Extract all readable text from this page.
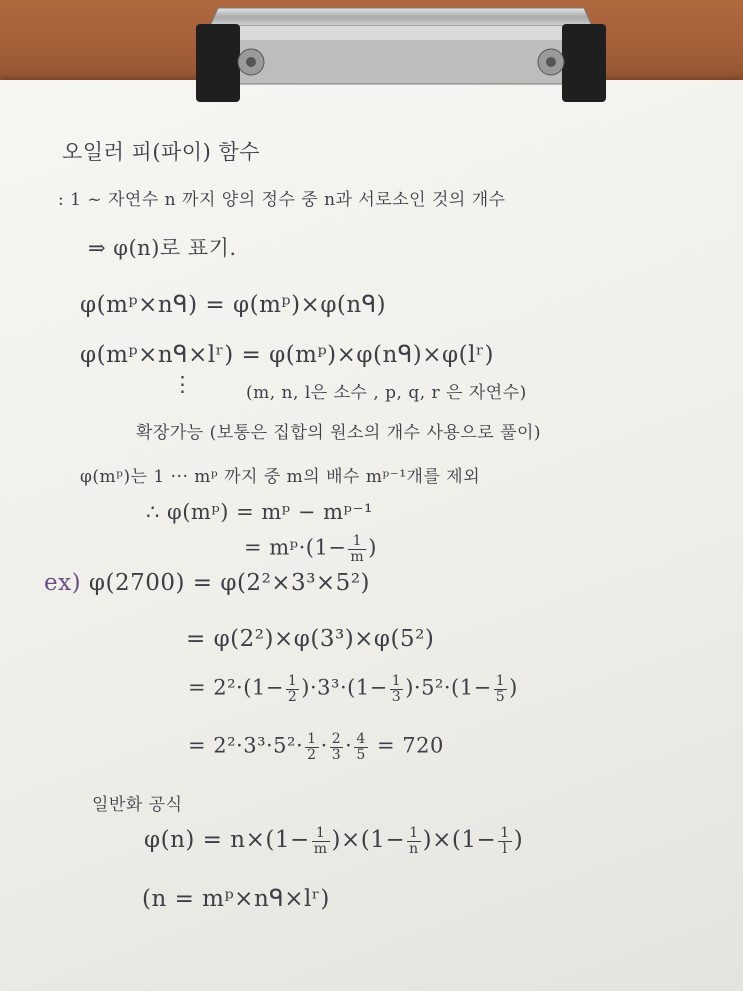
오일러 피(파이) 함수
: 1 ~ 자연수 n 까지 양의 정수 중 n과 서로소인 것의 개수
⇒ φ(n)로 표기.
φ(mᵖ×nᑫ) = φ(mᵖ)×φ(nᑫ)
φ(mᵖ×nᑫ×lʳ) = φ(mᵖ)×φ(nᑫ)×φ(lʳ)
⋮	(m, n, l은 소수 , p, q, r 은 자연수)
확장가능 (보통은 집합의 원소의 개수 사용으로 풀이)
φ(mᵖ)는 1 ··· mᵖ 까지 중 m의 배수 mᵖ⁻¹개를 제외
∴ φ(mᵖ) = mᵖ − mᵖ⁻¹
= mᵖ·(1− $\frac{1}{m}$ )
ex) φ(2700) = φ(2²×3³×5²)
= φ(2²)×φ(3³)×φ(5²)
= $2^2\cdot(1- \frac{1}{2} )\cdot 3^3\cdot(1- \frac{1}{3} )\cdot 5^2\cdot(1- \frac{1}{5}$ )
= $2^2\cdot 3^3\cdot 5^2\cdot \frac{1}{2} \cdot \frac{2}{3} \cdot \frac{4}{5} = 720$
일반화 공식
$\varphi(n) = n\times(1- \frac{1}{m} )\times(1- \frac{1}{n} )\times(1- \frac{1}{l}$ )
(n = mᵖ×nᑫ×lʳ)
